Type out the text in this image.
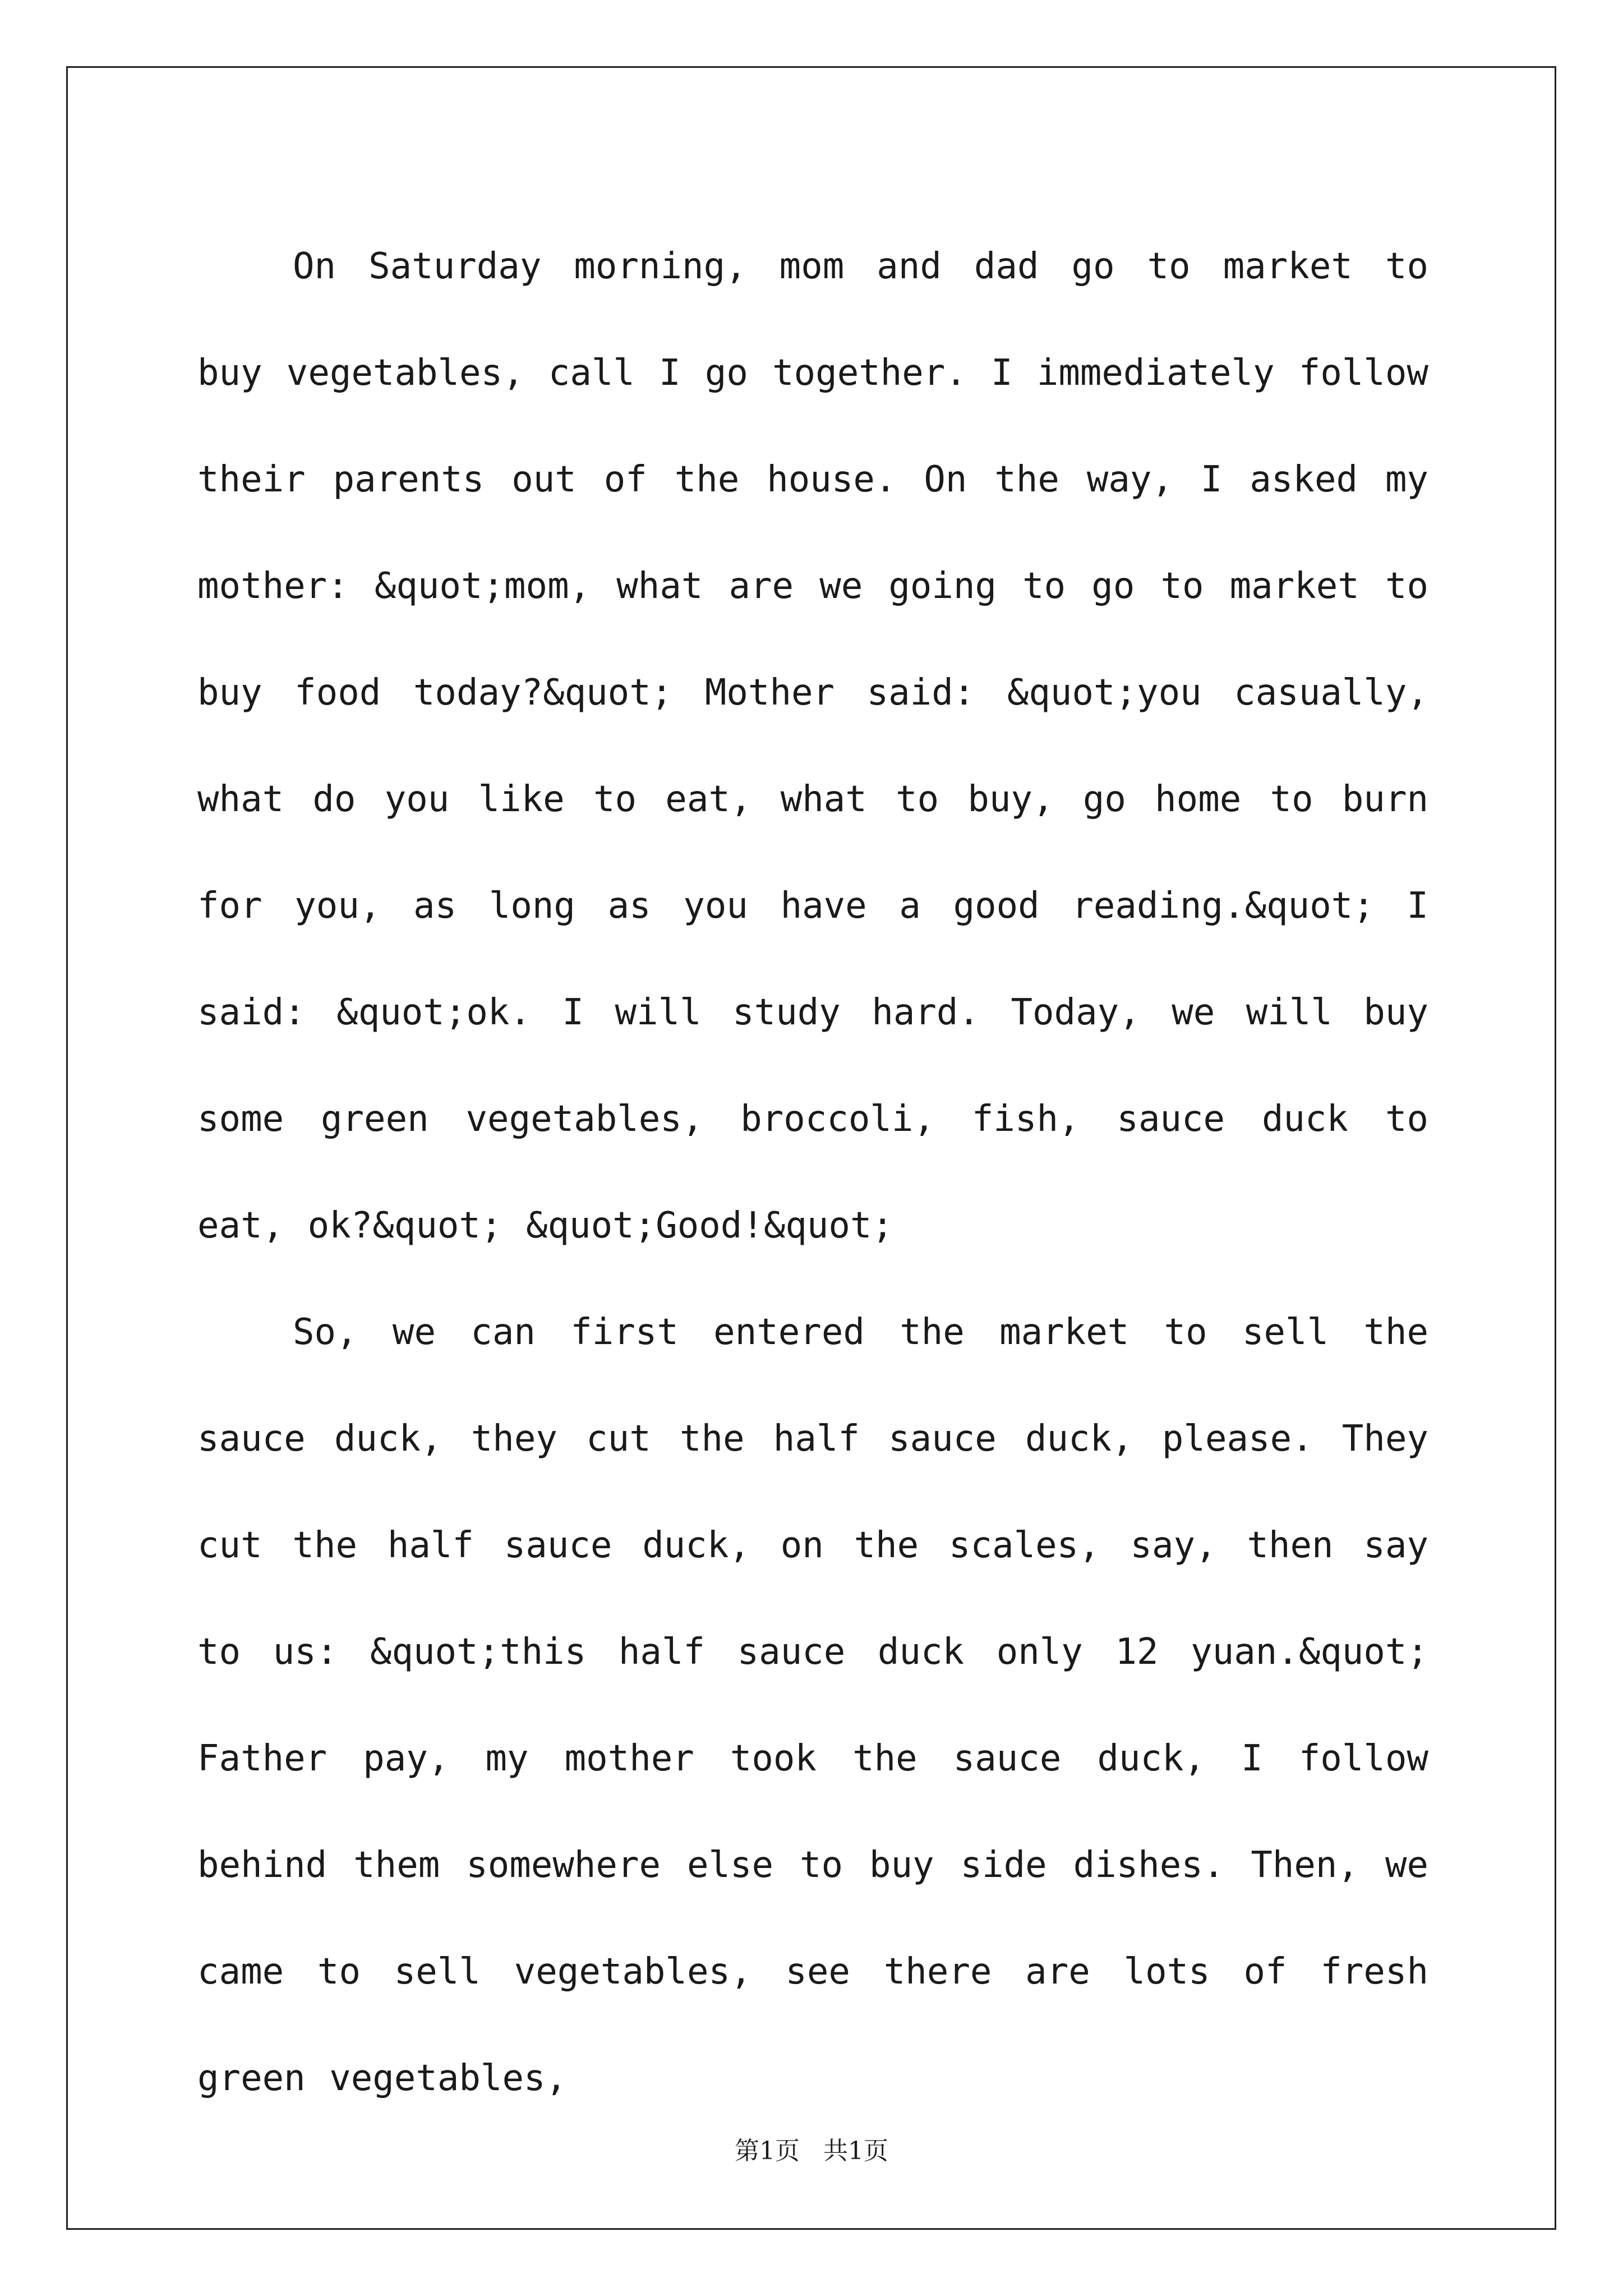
On Saturday morning, mom and dad go to market to buy vegetables, call I go together. I immediately follow their parents out of the house. On the way, I asked my mother: &quot;mom, what are we going to go to market to buy food today?&quot; Mother said: &quot;you casually, what do you like to eat, what to buy, go home to burn for you, as long as you have a good reading.&quot; I said: &quot;ok. I will study hard. Today, we will buy some green vegetables, broccoli, fish, sauce duck to eat, ok?&quot; &quot;Good!&quot;

So, we can first entered the market to sell the sauce duck, they cut the half sauce duck, please. They cut the half sauce duck, on the scales, say, then say to us: &quot;this half sauce duck only 12 yuan.&quot; Father pay, my mother took the sauce duck, I follow behind them somewhere else to buy side dishes. Then, we came to sell vegetables, see there are lots of fresh green vegetables,

第1页 共1页
